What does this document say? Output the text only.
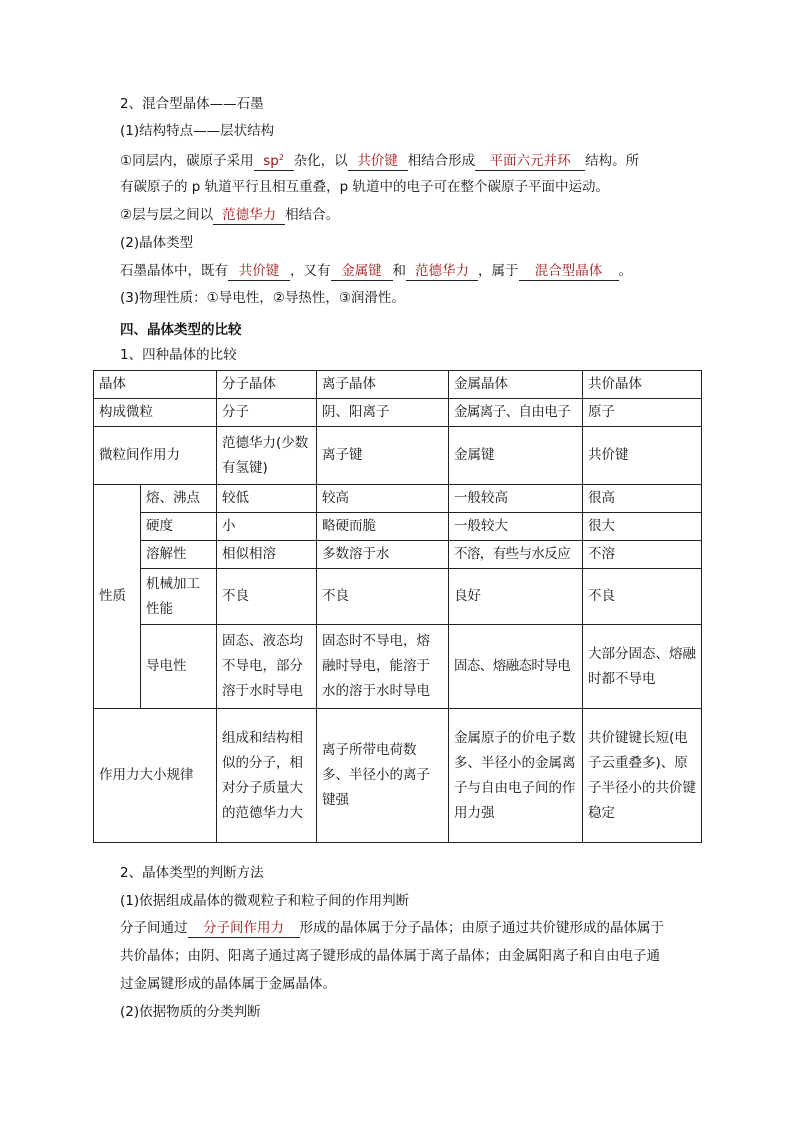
2、混合型晶体——石墨
(1)结构特点——层状结构
①同层内，碳原子采用 $sp^2$ 杂化，以 共价键 相结合形成 平面六元并环 结构。所
有碳原子的 p 轨道平行且相互重叠，p 轨道中的电子可在整个碳原子平面中运动。
②层与层之间以 范德华力 相结合。
(2)晶体类型
石墨晶体中，既有 共价键 ，又有 金属键 和 范德华力 ，属于 混合型晶体 。
(3)物理性质：①导电性，②导热性，③润滑性。
四、晶体类型的比较
1、四种晶体的比较
晶体		分子晶体	离子晶体	金属晶体	共价晶体
构成微粒		分子	阴、阳离子	金属离子、自由电子	原子
微粒间作用力		范德华力(少数有氢键)	离子键	金属键	共价键
性质	熔、沸点	较低	较高	一般较高	很高
	硬度	小	略硬而脆	一般较大	很大
	溶解性	相似相溶	多数溶于水	不溶，有些与水反应	不溶
	机械加工性能	不良	不良	良好	不良
	导电性	固态、液态均不导电，部分溶于水时导电	固态时不导电，熔融时导电，能溶于水的溶于水时导电	固态、熔融态时导电	大部分固态、熔融时都不导电
作用力大小规律		组成和结构相似的分子，相对分子质量大的范德华力大	离子所带电荷数多、半径小的离子键强	金属原子的价电子数多、半径小的金属离子与自由电子间的作用力强	共价键键长短(电子云重叠多)、原子半径小的共价键稳定
2、晶体类型的判断方法
(1)依据组成晶体的微观粒子和粒子间的作用判断
分子间通过 分子间作用力 形成的晶体属于分子晶体；由原子通过共价键形成的晶体属于
共价晶体；由阴、阳离子通过离子键形成的晶体属于离子晶体；由金属阳离子和自由电子通
过金属键形成的晶体属于金属晶体。
(2)依据物质的分类判断
